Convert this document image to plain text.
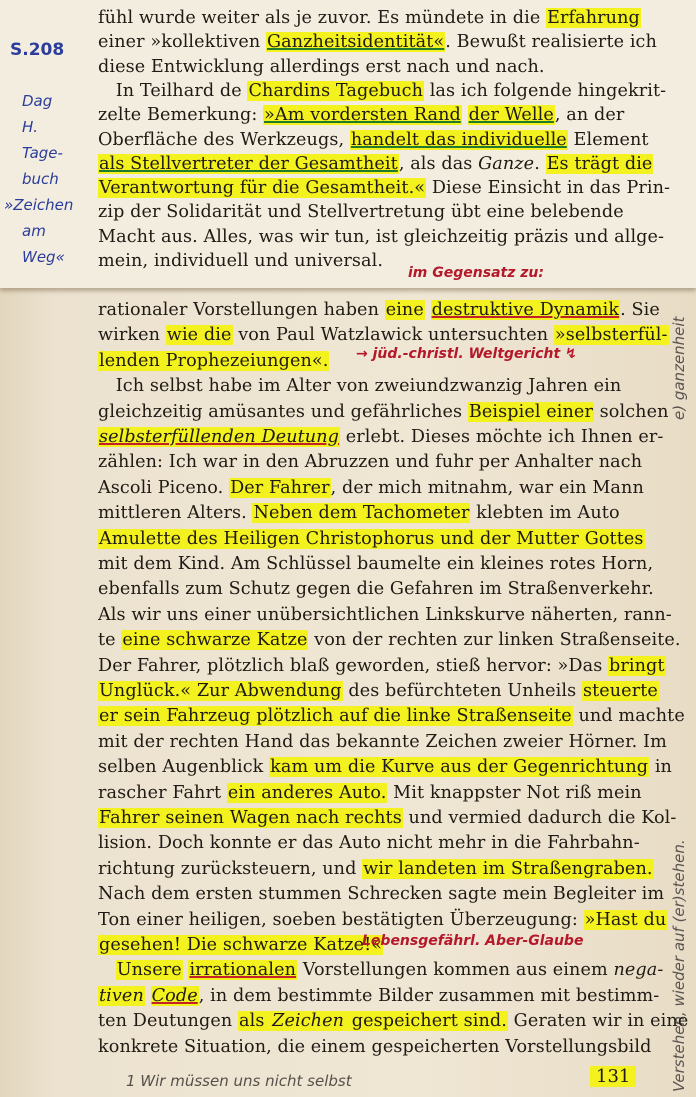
fühl wurde weiter als je zuvor. Es mündete in die Erfahrung
einer »kollektiven Ganzheitsidentität«. Bewußt realisierte ich
diese Entwicklung allerdings erst nach und nach.
 In Teilhard de Chardins Tagebuch las ich folgende hingekrit-
zelte Bemerkung: »Am vordersten Rand der Welle, an der
Oberfläche des Werkzeugs, handelt das individuelle Element
als Stellvertreter der Gesamtheit, als das Ganze. Es trägt die
Verantwortung für die Gesamtheit.« Diese Einsicht in das Prin-
zip der Solidarität und Stellvertretung übt eine belebende
Macht aus. Alles, was wir tun, ist gleichzeitig präzis und allge-
mein, individuell und universal.
rationaler Vorstellungen haben eine destruktive Dynamik. Sie
wirken wie die von Paul Watzlawick untersuchten »selbsterfül-
lenden Prophezeiungen«.
 Ich selbst habe im Alter von zweiundzwanzig Jahren ein
gleichzeitig amüsantes und gefährliches Beispiel einer solchen
selbsterfüllenden Deutung erlebt. Dieses möchte ich Ihnen er-
zählen: Ich war in den Abruzzen und fuhr per Anhalter nach
Ascoli Piceno. Der Fahrer, der mich mitnahm, war ein Mann
mittleren Alters. Neben dem Tachometer klebten im Auto
Amulette des Heiligen Christophorus und der Mutter Gottes
mit dem Kind. Am Schlüssel baumelte ein kleines rotes Horn,
ebenfalls zum Schutz gegen die Gefahren im Straßenverkehr.
Als wir uns einer unübersichtlichen Linkskurve näherten, rann-
te eine schwarze Katze von der rechten zur linken Straßenseite.
Der Fahrer, plötzlich blaß geworden, stieß hervor: »Das bringt
Unglück.« Zur Abwendung des befürchteten Unheils steuerte
er sein Fahrzeug plötzlich auf die linke Straßenseite und machte
mit der rechten Hand das bekannte Zeichen zweier Hörner. Im
selben Augenblick kam um die Kurve aus der Gegenrichtung in
rascher Fahrt ein anderes Auto. Mit knappster Not riß mein
Fahrer seinen Wagen nach rechts und vermied dadurch die Kol-
lision. Doch konnte er das Auto nicht mehr in die Fahrbahn-
richtung zurücksteuern, und wir landeten im Straßengraben.
Nach dem ersten stummen Schrecken sagte mein Begleiter im
Ton einer heiligen, soeben bestätigten Überzeugung: »Hast du
gesehen! Die schwarze Katze!«
 Unsere irrationalen Vorstellungen kommen aus einem nega-
tiven Code, in dem bestimmte Bilder zusammen mit bestimm-
ten Deutungen als Zeichen gespeichert sind. Geraten wir in eine
konkrete Situation, die einem gespeicherten Vorstellungsbild
S.208
Dag
H.
Tage-
buch
»Zeichen
am
Weg«
im Gegensatz zu:
→ jüd.-christl. Weltgericht ↯
Lebensgefährl. Aber-Glaube
e) ganzenheit
Verstehen, wieder auf (er)stehen.
1 Wir müssen uns nicht selbst	131
